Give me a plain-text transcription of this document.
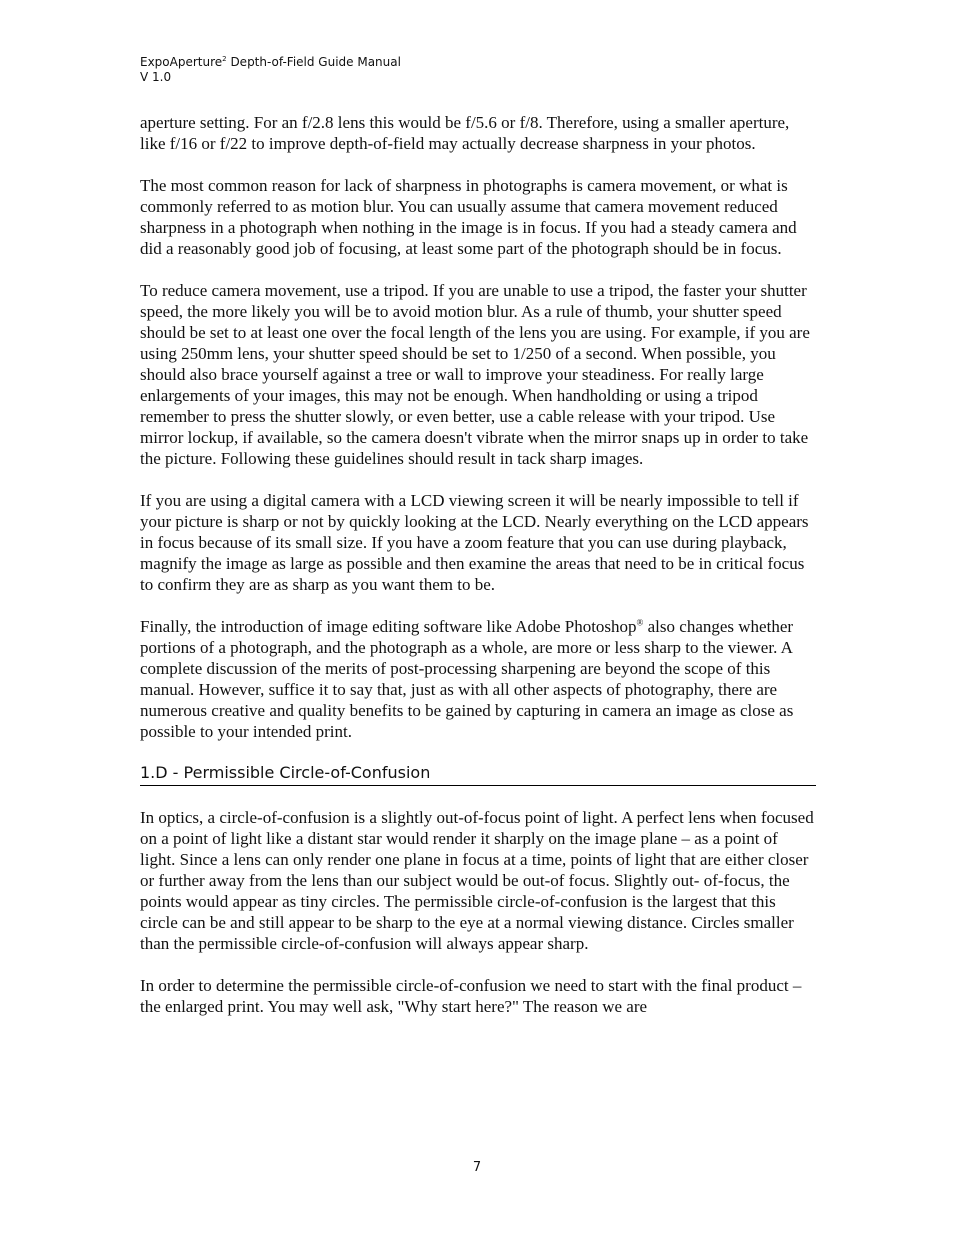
ExpoAperture$^2$ Depth-of-Field Guide Manual
V 1.0

aperture setting. For an f/2.8 lens this would be f/5.6 or f/8. Therefore, using a smaller aperture, like f/16 or f/22 to improve depth-of-field may actually decrease sharpness in your photos.

The most common reason for lack of sharpness in photographs is camera movement, or what is commonly referred to as motion blur. You can usually assume that camera movement reduced sharpness in a photograph when nothing in the image is in focus. If you had a steady camera and did a reasonably good job of focusing, at least some part of the photograph should be in focus.

To reduce camera movement, use a tripod. If you are unable to use a tripod, the faster your shutter speed, the more likely you will be to avoid motion blur. As a rule of thumb, your shutter speed should be set to at least one over the focal length of the lens you are using. For example, if you are using 250mm lens, your shutter speed should be set to 1/250 of a second. When possible, you should also brace yourself against a tree or wall to improve your steadiness. For really large enlargements of your images, this may not be enough. When handholding or using a tripod remember to press the shutter slowly, or even better, use a cable release with your tripod. Use mirror lockup, if available, so the camera doesn't vibrate when the mirror snaps up in order to take the picture. Following these guidelines should result in tack sharp images.

If you are using a digital camera with a LCD viewing screen it will be nearly impossible to tell if your picture is sharp or not by quickly looking at the LCD. Nearly everything on the LCD appears in focus because of its small size. If you have a zoom feature that you can use during playback, magnify the image as large as possible and then examine the areas that need to be in critical focus to confirm they are as sharp as you want them to be.

Finally, the introduction of image editing software like Adobe Photoshop® also changes whether portions of a photograph, and the photograph as a whole, are more or less sharp to the viewer. A complete discussion of the merits of post-processing sharpening are beyond the scope of this manual. However, suffice it to say that, just as with all other aspects of photography, there are numerous creative and quality benefits to be gained by capturing in camera an image as close as possible to your intended print.

1.D - Permissible Circle-of-Confusion

In optics, a circle-of-confusion is a slightly out-of-focus point of light. A perfect lens when focused on a point of light like a distant star would render it sharply on the image plane – as a point of light. Since a lens can only render one plane in focus at a time, points of light that are either closer or further away from the lens than our subject would be out-of focus. Slightly out- of-focus, the points would appear as tiny circles. The permissible circle-of-confusion is the largest that this circle can be and still appear to be sharp to the eye at a normal viewing distance. Circles smaller than the permissible circle-of-confusion will always appear sharp.

In order to determine the permissible circle-of-confusion we need to start with the final product – the enlarged print. You may well ask, "Why start here?" The reason we are

7
